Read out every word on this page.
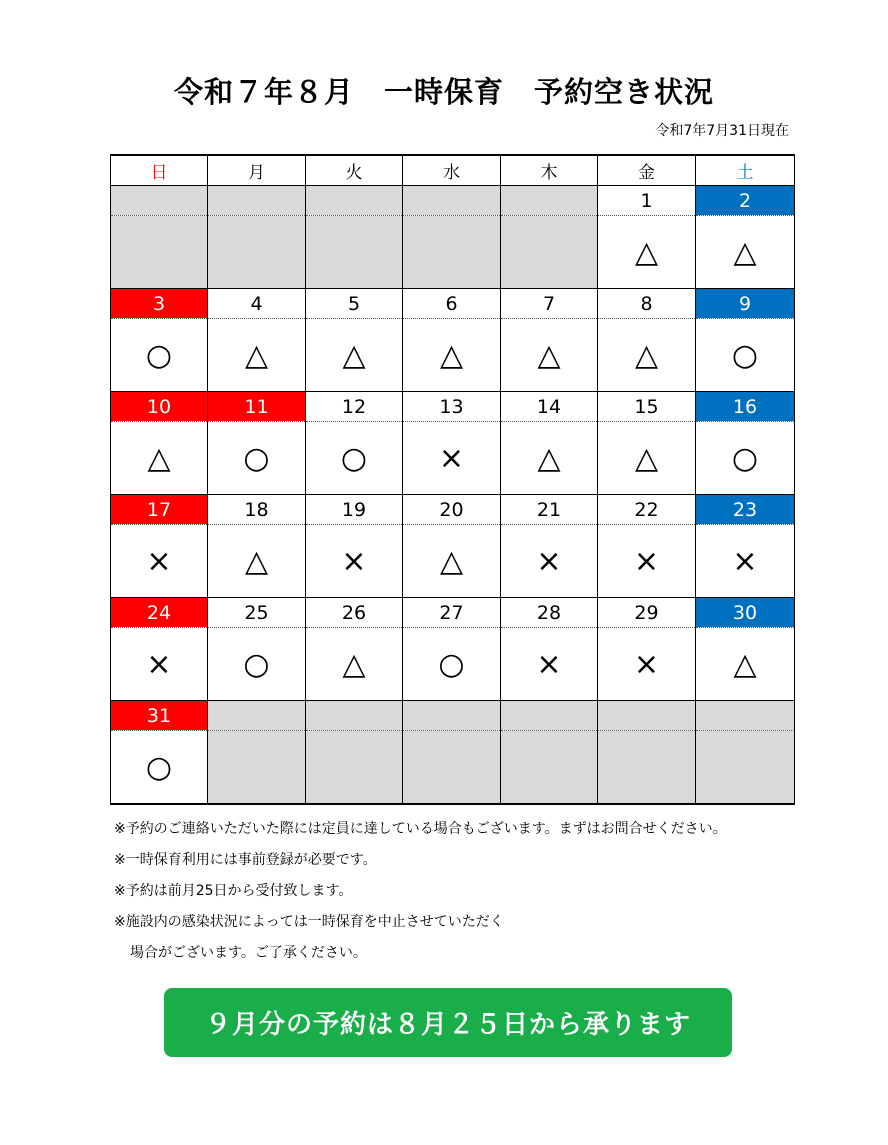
令和７年８月　一時保育　予約空き状況
令和7年7月31日現在
日	月	火	水	木	金	土
					1	2
					△	△
3	4	5	6	7	8	9
○	△	△	△	△	△	○
10	11	12	13	14	15	16
△	○	○	×	△	△	○
17	18	19	20	21	22	23
×	△	×	△	×	×	×
24	25	26	27	28	29	30
×	○	△	○	×	×	△
31						
○						
※予約のご連絡いただいた際には定員に達している場合もございます。まずはお問合せください。
※一時保育利用には事前登録が必要です。
※予約は前月25日から受付致します。
※施設内の感染状況によっては一時保育を中止させていただく
場合がございます。ご了承ください。
９月分の予約は８月２５日から承ります
